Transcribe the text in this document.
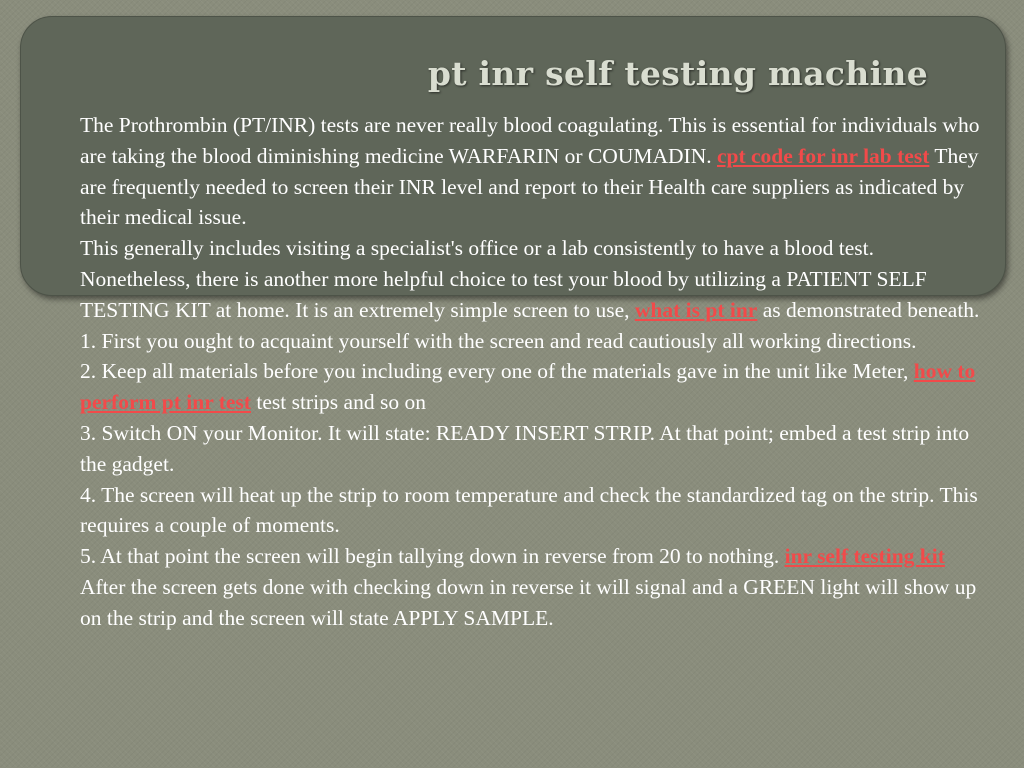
pt inr self testing machine

The Prothrombin (PT/INR) tests are never really blood coagulating. This is essential for individuals who are taking the blood diminishing medicine WARFARIN or COUMADIN. cpt code for inr lab test They are frequently needed to screen their INR level and report to their Health care suppliers as indicated by their medical issue.

This generally includes visiting a specialist's office or a lab consistently to have a blood test. Nonetheless, there is another more helpful choice to test your blood by utilizing a PATIENT SELF TESTING KIT at home. It is an extremely simple screen to use, what is pt inr as demonstrated beneath.

1. First you ought to acquaint yourself with the screen and read cautiously all working directions.

2. Keep all materials before you including every one of the materials gave in the unit like Meter, how to perform pt inr test test strips and so on

3. Switch ON your Monitor. It will state: READY INSERT STRIP. At that point; embed a test strip into the gadget.

4. The screen will heat up the strip to room temperature and check the standardized tag on the strip. This requires a couple of moments.

5. At that point the screen will begin tallying down in reverse from 20 to nothing. inr self testing kit After the screen gets done with checking down in reverse it will signal and a GREEN light will show up on the strip and the screen will state APPLY SAMPLE.
